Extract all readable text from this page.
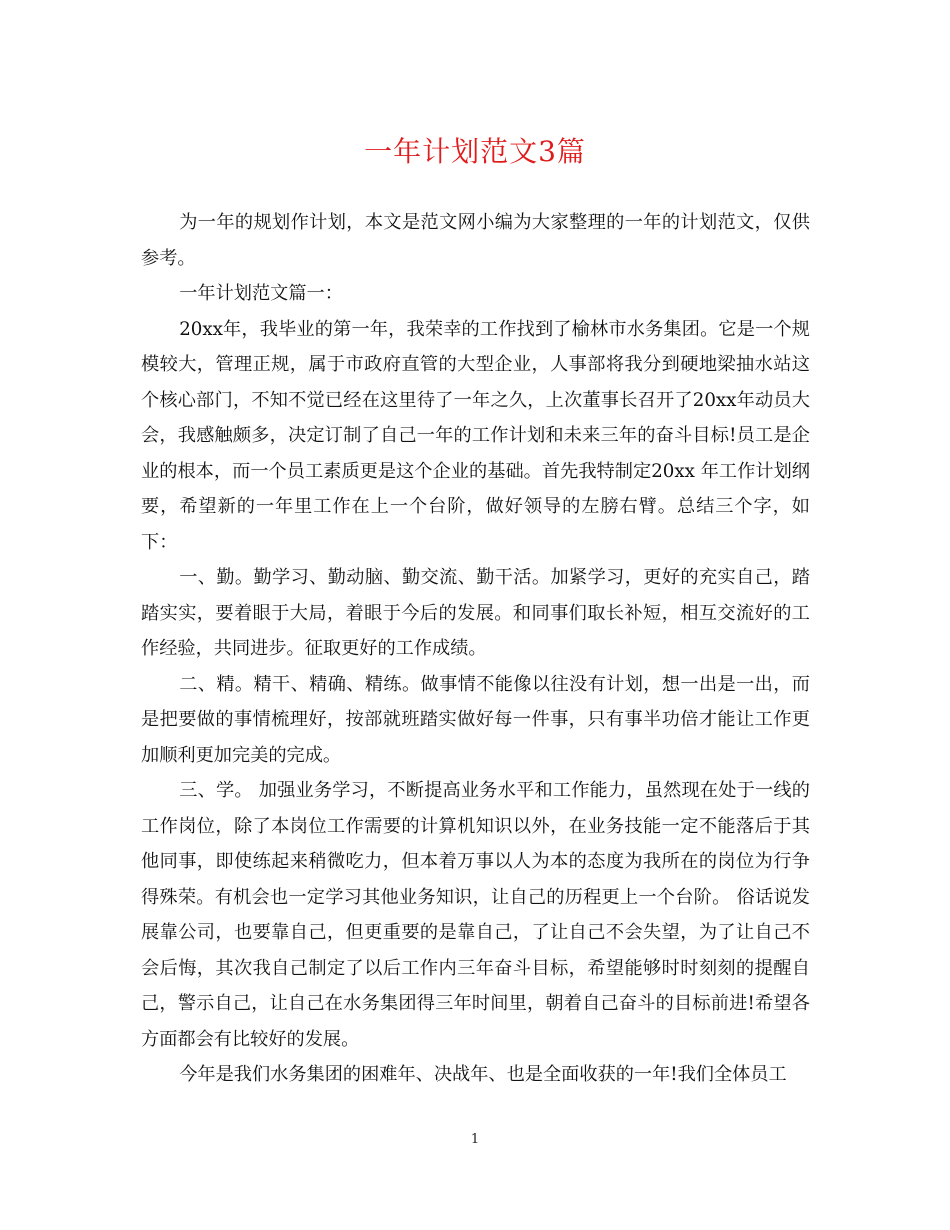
一年计划范文3篇

为一年的规划作计划，本文是范文网小编为大家整理的一年的计划范文，仅供参考。

一年计划范文篇一：

20xx年，我毕业的第一年，我荣幸的工作找到了榆林市水务集团。它是一个规模较大，管理正规，属于市政府直管的大型企业，人事部将我分到硬地梁抽水站这个核心部门，不知不觉已经在这里待了一年之久，上次董事长召开了20xx年动员大会，我感触颇多，决定订制了自己一年的工作计划和未来三年的奋斗目标!员工是企业的根本，而一个员工素质更是这个企业的基础。首先我特制定20xx 年工作计划纲要，希望新的一年里工作在上一个台阶，做好领导的左膀右臂。总结三个字，如下：

一、勤。勤学习、勤动脑、勤交流、勤干活。加紧学习，更好的充实自己，踏踏实实，要着眼于大局，着眼于今后的发展。和同事们取长补短，相互交流好的工作经验，共同进步。征取更好的工作成绩。

二、精。精干、精确、精练。做事情不能像以往没有计划，想一出是一出，而是把要做的事情梳理好，按部就班踏实做好每一件事，只有事半功倍才能让工作更加顺利更加完美的完成。

三、学。 加强业务学习，不断提高业务水平和工作能力，虽然现在处于一线的工作岗位，除了本岗位工作需要的计算机知识以外，在业务技能一定不能落后于其他同事，即使练起来稍微吃力，但本着万事以人为本的态度为我所在的岗位为行争得殊荣。有机会也一定学习其他业务知识，让自己的历程更上一个台阶。 俗话说发展靠公司，也要靠自己，但更重要的是靠自己，了让自己不会失望，为了让自己不会后悔，其次我自己制定了以后工作内三年奋斗目标，希望能够时时刻刻的提醒自己，警示自己，让自己在水务集团得三年时间里，朝着自己奋斗的目标前进!希望各方面都会有比较好的发展。

今年是我们水务集团的困难年、决战年、也是全面收获的一年!我们全体员工

1
